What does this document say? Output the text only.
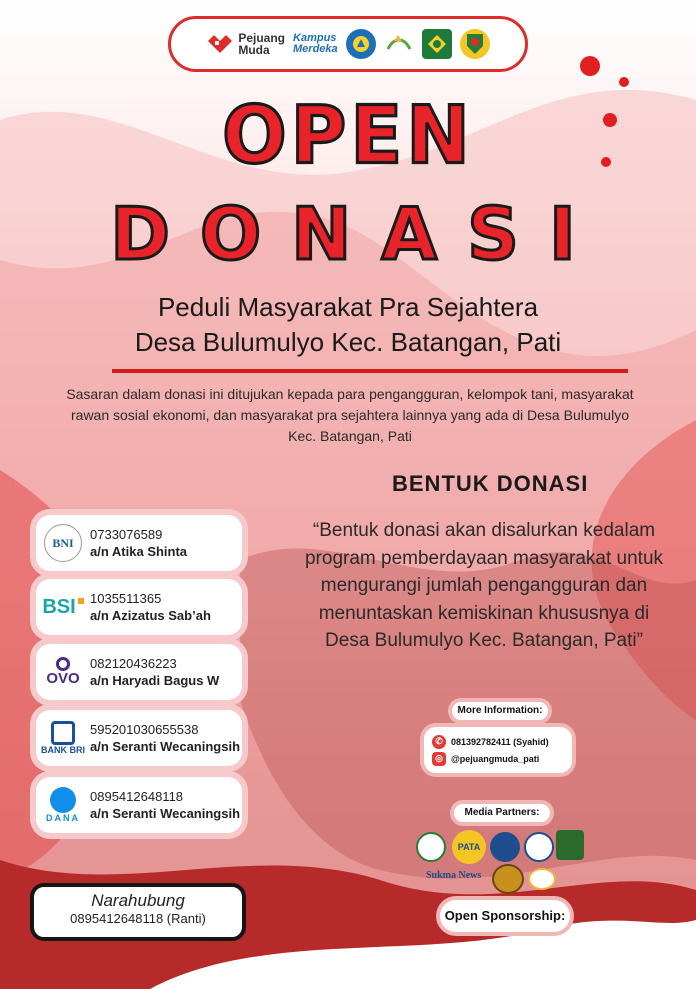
Pejuang
Muda
Kampus
Merdeka
OPEN
DONASI
Peduli Masyarakat Pra Sejahtera
Desa Bulumulyo Kec. Batangan, Pati
Sasaran dalam donasi ini ditujukan kepada para pengangguran, kelompok tani, masyarakat rawan sosial ekonomi, dan masyarakat pra sejahtera lainnya yang ada di Desa Bulumulyo Kec. Batangan, Pati
BENTUK DONASI
“Bentuk donasi akan disalurkan kedalam program pemberdayaan masyarakat untuk mengurangi jumlah pengangguran dan menuntaskan kemiskinan khususnya di Desa Bulumulyo Kec. Batangan, Pati”
BNI
0733076589
a/n Atika Shinta
BSI 1035511365
a/n Azizatus Sab’ah
OVO
082120436223
a/n Haryadi Bagus W
BANK BRI
595201030655538
a/n Seranti Wecaningsih
DANA
0895412648118
a/n Seranti Wecaningsih
More Information:
✆ 081392782411 (Syahid)
◎ @pejuangmuda_pati
Media Partners:
PATA
Sukma News
Narahubung
0895412648118 (Ranti)	Open Sponsorship:
